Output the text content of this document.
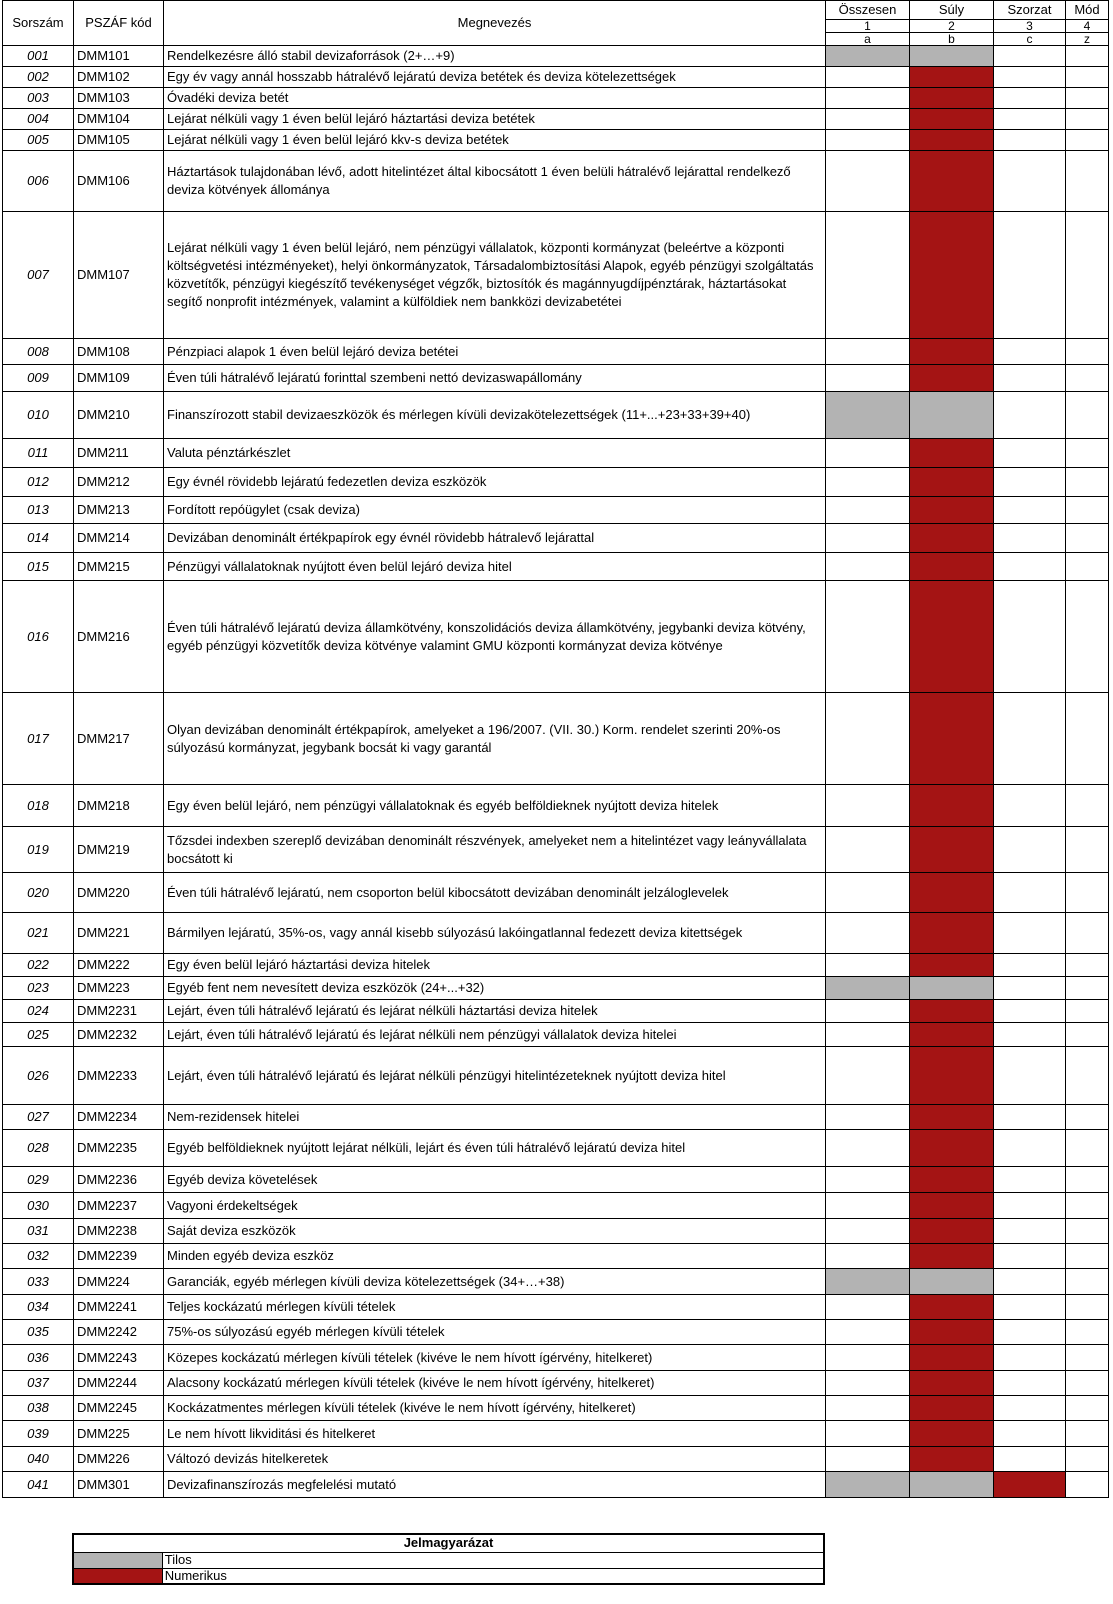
Sorszám	PSZÁF kód	Megnevezés	Összesen	Súly	Szorzat	Mód
			1	2	3	4
			a	b	c	z
001	DMM101	Rendelkezésre álló stabil devizaforrások (2+…+9)				
002	DMM102	Egy év vagy annál hosszabb hátralévő lejáratú deviza betétek és deviza kötelezettségek				
003	DMM103	Óvadéki deviza betét				
004	DMM104	Lejárat nélküli vagy 1 éven belül lejáró háztartási deviza betétek				
005	DMM105	Lejárat nélküli vagy 1 éven belül lejáró kkv-s deviza betétek				
006	DMM106	Háztartások tulajdonában lévő, adott hitelintézet által kibocsátott 1 éven belüli hátralévő lejárattal rendelkező deviza kötvények állománya				
007	DMM107	Lejárat nélküli vagy 1 éven belül lejáró, nem pénzügyi vállalatok, központi kormányzat (beleértve a központi költségvetési intézményeket), helyi önkormányzatok, Társadalombiztosítási Alapok, egyéb pénzügyi szolgáltatás közvetítők, pénzügyi kiegészítő tevékenységet végzők, biztosítók és magánnyugdíjpénztárak, háztartásokat segítő nonprofit intézmények, valamint a külföldiek nem bankközi devizabetétei				
008	DMM108	Pénzpiaci alapok 1 éven belül lejáró deviza betétei				
009	DMM109	Éven túli hátralévő lejáratú forinttal szembeni nettó devizaswapállomány				
010	DMM210	Finanszírozott stabil devizaeszközök és mérlegen kívüli devizakötelezettségek (11+...+23+33+39+40)				
011	DMM211	Valuta pénztárkészlet				
012	DMM212	Egy évnél rövidebb lejáratú fedezetlen deviza eszközök				
013	DMM213	Fordított repóügylet (csak deviza)				
014	DMM214	Devizában denominált értékpapírok egy évnél rövidebb hátralevő lejárattal				
015	DMM215	Pénzügyi vállalatoknak nyújtott éven belül lejáró deviza hitel				
016	DMM216	Éven túli hátralévő lejáratú deviza államkötvény, konszolidációs deviza államkötvény, jegybanki deviza kötvény, egyéb pénzügyi közvetítők deviza kötvénye valamint GMU központi kormányzat deviza kötvénye				
017	DMM217	Olyan devizában denominált értékpapírok, amelyeket a 196/2007. (VII. 30.) Korm. rendelet szerinti 20%-os súlyozású kormányzat, jegybank bocsát ki vagy garantál				
018	DMM218	Egy éven belül lejáró, nem pénzügyi vállalatoknak és egyéb belföldieknek nyújtott deviza hitelek				
019	DMM219	Tőzsdei indexben szereplő devizában denominált részvények, amelyeket nem a hitelintézet vagy leányvállalata bocsátott ki				
020	DMM220	Éven túli hátralévő lejáratú, nem csoporton belül kibocsátott devizában denominált jelzáloglevelek				
021	DMM221	Bármilyen lejáratú, 35%-os, vagy annál kisebb súlyozású lakóingatlannal fedezett deviza kitettségek				
022	DMM222	Egy éven belül lejáró háztartási deviza hitelek				
023	DMM223	Egyéb fent nem nevesített deviza eszközök (24+...+32)				
024	DMM2231	Lejárt, éven túli hátralévő lejáratú és lejárat nélküli háztartási deviza hitelek				
025	DMM2232	Lejárt, éven túli hátralévő lejáratú és lejárat nélküli nem pénzügyi vállalatok deviza hitelei				
026	DMM2233	Lejárt, éven túli hátralévő lejáratú és lejárat nélküli pénzügyi hitelintézeteknek nyújtott deviza hitel				
027	DMM2234	Nem-rezidensek hitelei				
028	DMM2235	Egyéb belföldieknek nyújtott lejárat nélküli, lejárt és éven túli hátralévő lejáratú deviza hitel				
029	DMM2236	Egyéb deviza követelések				
030	DMM2237	Vagyoni érdekeltségek				
031	DMM2238	Saját deviza eszközök				
032	DMM2239	Minden egyéb deviza eszköz				
033	DMM224	Garanciák, egyéb mérlegen kívüli deviza kötelezettségek (34+…+38)				
034	DMM2241	Teljes kockázatú mérlegen kívüli tételek				
035	DMM2242	75%-os súlyozású egyéb mérlegen kívüli tételek				
036	DMM2243	Közepes kockázatú mérlegen kívüli tételek (kivéve le nem hívott ígérvény, hitelkeret)				
037	DMM2244	Alacsony kockázatú mérlegen kívüli tételek (kivéve le nem hívott ígérvény, hitelkeret)				
038	DMM2245	Kockázatmentes mérlegen kívüli tételek (kivéve le nem hívott ígérvény, hitelkeret)				
039	DMM225	Le nem hívott likviditási és hitelkeret				
040	DMM226	Változó devizás hitelkeretek				
041	DMM301	Devizafinanszírozás megfelelési mutató				
Jelmagyarázat	
	Tilos
	Numerikus
